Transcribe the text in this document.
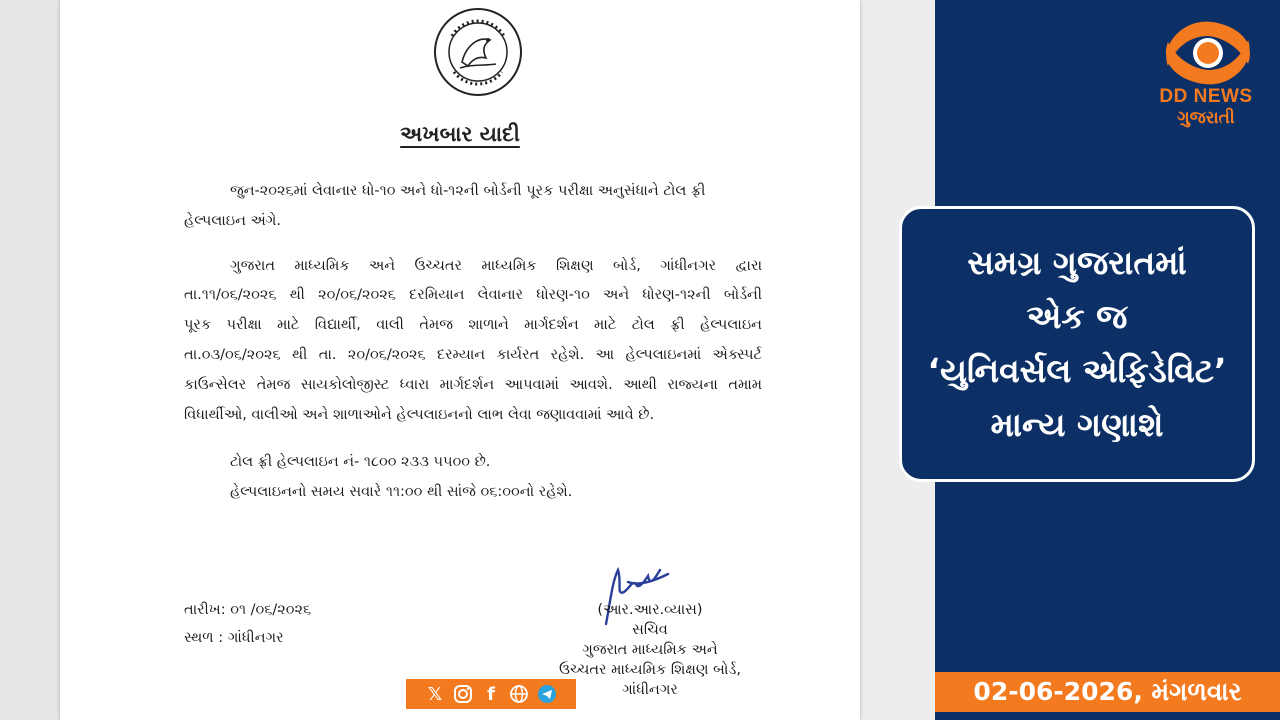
અખબાર યાદી
જુન-૨૦૨૬માં લેવાનાર ધો-૧૦ અને ધો-૧૨ની બોર્ડની પૂરક પરીક્ષા અનુસંધાને ટોલ ફ્રી
હેલ્પલાઇન અંગે.
ગુજરાત માધ્યમિક અને ઉચ્ચતર માધ્યમિક શિક્ષણ બોર્ડ, ગાંધીનગર દ્વારા
તા.૧૧/૦૬/૨૦૨૬ થી ૨૦/૦૬/૨૦૨૬ દરમિયાન લેવાનાર ધોરણ-૧૦ અને ધોરણ-૧૨ની બોર્ડની
પૂરક પરીક્ષા માટે વિદ્યાર્થી, વાલી તેમજ શાળાને માર્ગદર્શન માટે ટોલ ફ્રી હેલ્પલાઇન
તા.૦૩/૦૬/૨૦૨૬ થી તા. ૨૦/૦૬/૨૦૨૬ દરમ્યાન કાર્યરત રહેશે. આ હેલ્પલાઇનમાં એક્સ્પર્ટ
કાઉન્સેલર તેમજ સાયકોલોજીસ્ટ ધ્વારા માર્ગદર્શન આપવામાં આવશે. આથી રાજ્યના તમામ
વિધાર્થીઓ, વાલીઓ અને શાળાઓને હેલ્પલાઇનનો લાભ લેવા જણાવવામાં આવે છે.
ટોલ ફ્રી હેલ્પલાઇન નં- ૧૮૦૦ ૨૩૩ ૫૫૦૦ છે.
હેલ્પલાઇનનો સમય સવારે ૧૧:૦૦ થી સાંજે ૦૬:૦૦નો રહેશે.
તારીખ: ૦૧ /૦૬/૨૦૨૬
સ્થળ : ગાંધીનગર
(આર.આર.વ્યાસ)
સચિવ
ગુજરાત માધ્યમિક અને
ઉચ્ચતર માધ્યમિક શિક્ષણ બોર્ડ,
ગાંધીનગર
𝕏	f
DD NEWS
ગુજરાતી
સમગ્ર ગુજરાતમાં
એક જ
‘યુનિવર્સલ એફિડેવિટ’
માન્ય ગણાશે
02-06-2026, મંગળવાર
